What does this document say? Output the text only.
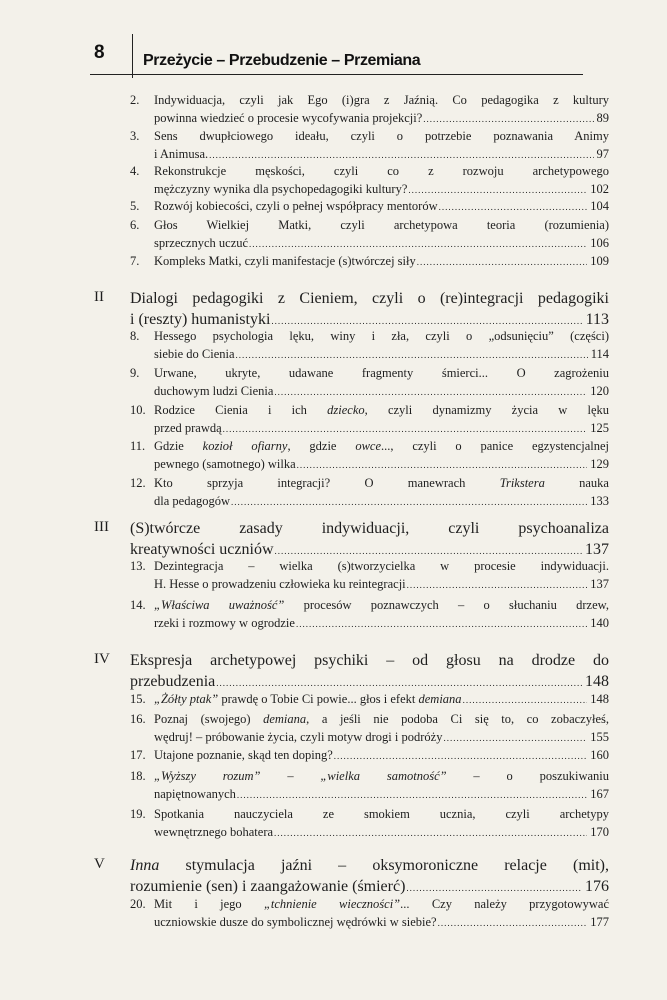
8 Przeżycie – Przebudzenie – Przemiana
2. Indywiduacja, czyli jak Ego (i)gra z Jaźnią. Co pedagogika z kultury
powinna wiedzieć o procesie wycofywania projekcji? .....	89
3. Sens dwupłciowego ideału, czyli o potrzebie poznawania Animy
i Animusa. .....	97
4. Rekonstrukcje męskości, czyli co z rozwoju archetypowego
mężczyzny wynika dla psychopedagogiki kultury? .....	102
5. Rozwój kobiecości, czyli o pełnej współpracy mentorów .....	104
6. Głos Wielkiej Matki, czyli archetypowa teoria (rozumienia)
sprzecznych uczuć .....	106
7. Kompleks Matki, czyli manifestacje (s)twórczej siły .....	109
II Dialogi pedagogiki z Cieniem, czyli o (re)integracji pedagogiki
i (reszty) humanistyki .....	113
8. Hessego psychologia lęku, winy i zła, czyli o „odsunięciu” (części)
siebie do Cienia .....	114
9. Urwane, ukryte, udawane fragmenty śmierci... O zagrożeniu
duchowym ludzi Cienia .....	120
10. Rodzice Cienia i ich dziecko, czyli dynamizmy życia w lęku
przed prawdą .....	125
11. Gdzie kozioł ofiarny, gdzie owce..., czyli o panice egzystencjalnej
pewnego (samotnego) wilka .....	129
12. Kto sprzyja integracji? O manewrach Trikstera nauka
dla pedagogów .....	133
III (S)twórcze zasady indywiduacji, czyli psychoanaliza
kreatywności uczniów .....	137
13. Dezintegracja – wielka (s)tworzycielka w procesie indywiduacji.
H. Hesse o prowadzeniu człowieka ku reintegracji .....	137
14. „Właściwa uważność” procesów poznawczych – o słuchaniu drzew,
rzeki i rozmowy w ogrodzie .....	140
IV Ekspresja archetypowej psychiki – od głosu na drodze do
przebudzenia .....	148
15. „Żółty ptak” prawdę o Tobie Ci powie... głos i efekt demiana .....	148
16. Poznaj (swojego) demiana, a jeśli nie podoba Ci się to, co zobaczyłeś,
wędruj! – próbowanie życia, czyli motyw drogi i podróży .....	155
17. Utajone poznanie, skąd ten doping? .....	160
18. „Wyższy rozum” – „wielka samotność” – o poszukiwaniu
napiętnowanych .....	167
19. Spotkania nauczyciela ze smokiem ucznia, czyli archetypy
wewnętrznego bohatera .....	170
V Inna stymulacja jaźni – oksymoroniczne relacje (mit),
rozumienie (sen) i zaangażowanie (śmierć) .....	176
20. Mit i jego „tchnienie wieczności”... Czy należy przygotowywać
uczniowskie dusze do symbolicznej wędrówki w siebie? .....	177
